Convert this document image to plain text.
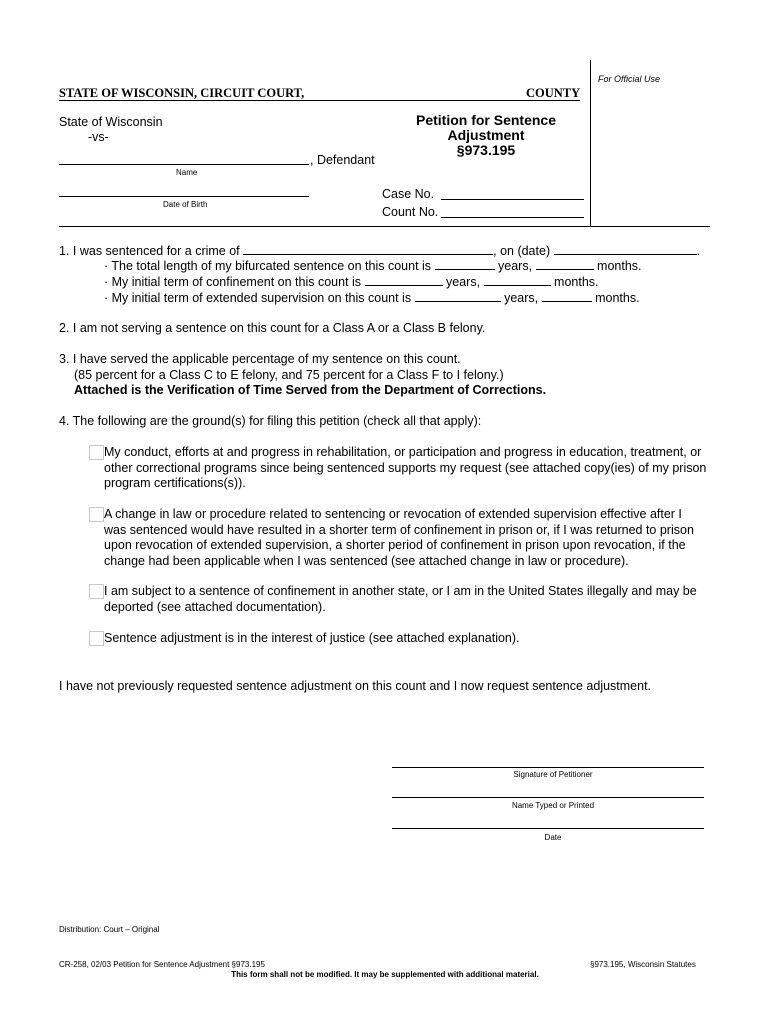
STATE OF WISCONSIN, CIRCUIT COURT,	COUNTY
For Official Use
State of Wisconsin
-vs-
, Defendant
Name
Date of Birth
Petition for Sentence
Adjustment
§973.195
Case No.
Count No.
1. I was sentenced for a crime of	, on (date)	.
· The total length of my bifurcated sentence on this count is	years,	months.
· My initial term of confinement on this count is	years,	months.
· My initial term of extended supervision on this count is	years,	months.
2. I am not serving a sentence on this count for a Class A or a Class B felony.
3. I have served the applicable percentage of my sentence on this count.
(85 percent for a Class C to E felony, and 75 percent for a Class F to I felony.)
Attached is the Verification of Time Served from the Department of Corrections.
4. The following are the ground(s) for filing this petition (check all that apply):
My conduct, efforts at and progress in rehabilitation, or participation and progress in education, treatment, or other correctional programs since being sentenced supports my request (see attached copy(ies) of my prison program certifications(s)).
A change in law or procedure related to sentencing or revocation of extended supervision effective after I was sentenced would have resulted in a shorter term of confinement in prison or, if I was returned to prison upon revocation of extended supervision, a shorter period of confinement in prison upon revocation, if the change had been applicable when I was sentenced (see attached change in law or procedure).
I am subject to a sentence of confinement in another state, or I am in the United States illegally and may be deported (see attached documentation).
Sentence adjustment is in the interest of justice (see attached explanation).
I have not previously requested sentence adjustment on this count and I now request sentence adjustment.
Signature of Petitioner
Name Typed or Printed
Date
Distribution: Court – Original
CR-258, 02/03 Petition for Sentence Adjustment §973.195	§973.195, Wisconsin Statutes
This form shall not be modified. It may be supplemented with additional material.
